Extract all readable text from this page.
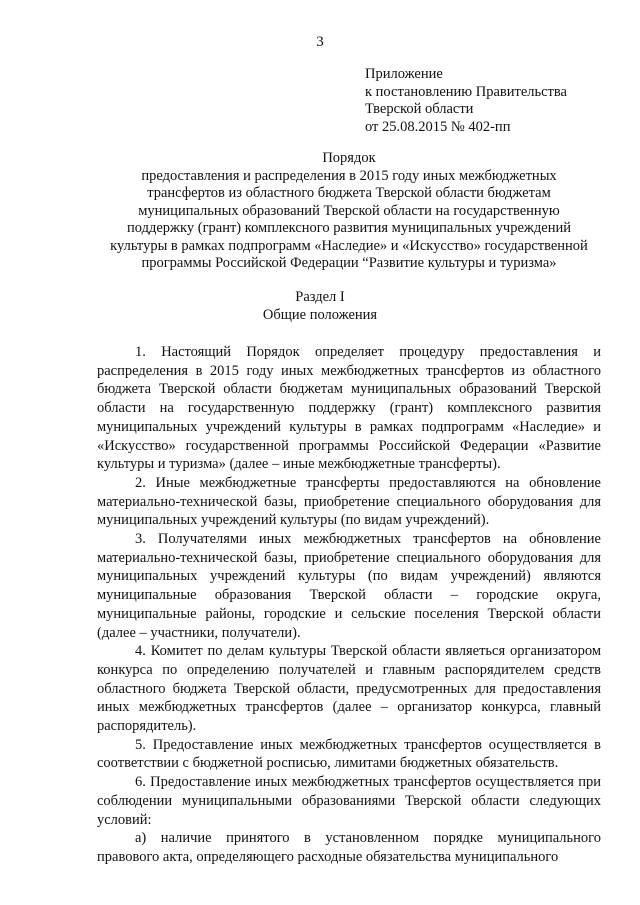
3
Приложение
к постановлению Правительства
Тверской области
от 25.08.2015 № 402-пп
Порядок
предоставления и распределения в 2015 году иных межбюджетных
трансфертов из областного бюджета Тверской области бюджетам
муниципальных образований Тверской области на государственную
поддержку (грант) комплексного развития муниципальных учреждений
культуры в рамках подпрограмм «Наследие» и «Искусство» государственной
программы Российской Федерации “Развитие культуры и туризма»
Раздел I
Общие положения

1. Настоящий Порядок определяет процедуру предоставления и распределения в 2015 году иных межбюджетных трансфертов из областного бюджета Тверской области бюджетам муниципальных образований Тверской области на государственную поддержку (грант) комплексного развития муниципальных учреждений культуры в рамках подпрограмм «Наследие» и «Искусство» государственной программы Российской Федерации «Развитие культуры и туризма» (далее – иные межбюджетные трансферты).

2. Иные межбюджетные трансферты предоставляются на обновление материально-технической базы, приобретение специального оборудования для муниципальных учреждений культуры (по видам учреждений).

3. Получателями иных межбюджетных трансфертов на обновление материально-технической базы, приобретение специального оборудования для муниципальных учреждений культуры (по видам учреждений) являются муниципальные образования Тверской области – городские округа, муниципальные районы, городские и сельские поселения Тверской области (далее – участники, получатели).

4. Комитет по делам культуры Тверской области являеться организатором конкурса по определению получателей и главным распорядителем средств областного бюджета Тверской области, предусмотренных для предоставления иных межбюджетных трансфертов (далее – организатор конкурса, главный распорядитель).

5. Предоставление иных межбюджетных трансфертов осуществляется в соответствии с бюджетной росписью, лимитами бюджетных обязательств.

6. Предоставление иных межбюджетных трансфертов осуществляется при соблюдении муниципальными образованиями Тверской области следующих условий:

а) наличие принятого в установленном порядке муниципального правового акта, определяющего расходные обязательства муниципального
